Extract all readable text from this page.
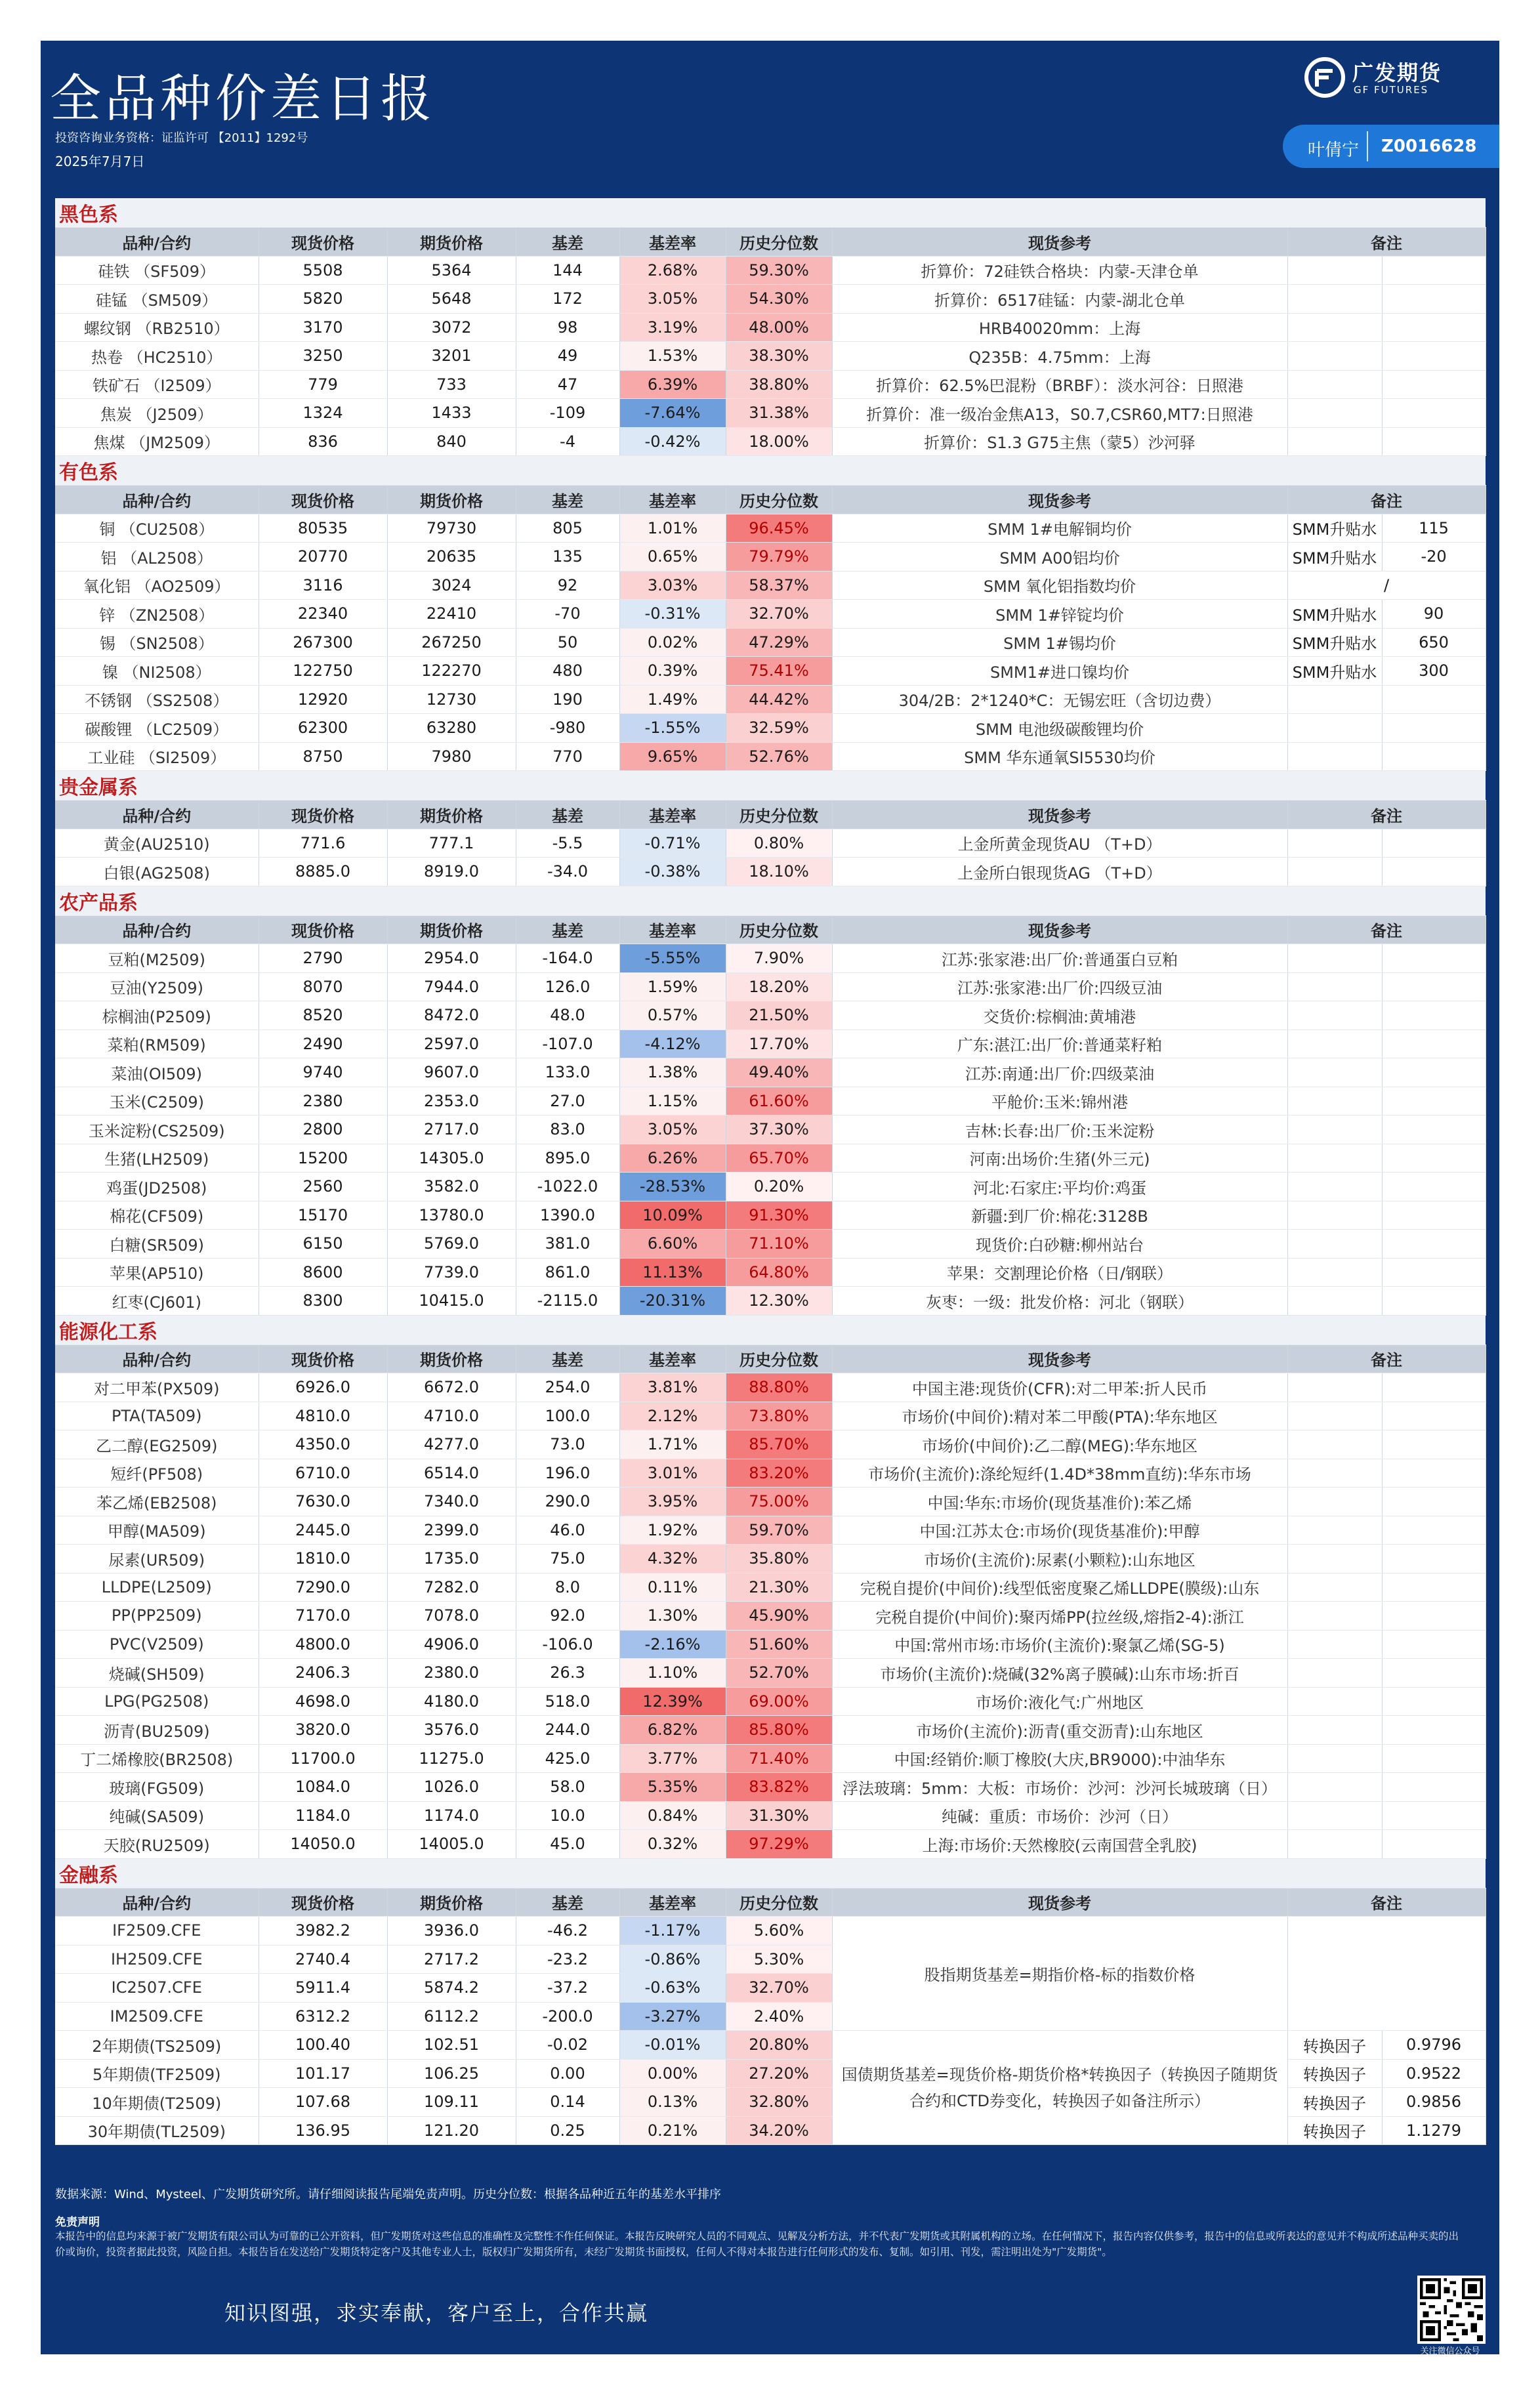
全品种价差日报
投资咨询业务资格：证监许可 【2011】1292号
2025年7月7日
广发期货
GF FUTURES
叶倩宁 Z0016628
黑色系								
品种/合约	现货价格	期货价格	基差	基差率	历史分位数	现货参考	备注	
硅铁 （SF509）	5508	5364	144	2.68%	59.30%	折算价：72硅铁合格块：内蒙-天津仓单		
硅锰 （SM509）	5820	5648	172	3.05%	54.30%	折算价：6517硅锰：内蒙-湖北仓单		
螺纹钢 （RB2510）	3170	3072	98	3.19%	48.00%	HRB40020mm：上海		
热卷 （HC2510）	3250	3201	49	1.53%	38.30%	Q235B：4.75mm：上海		
铁矿石 （I2509）	779	733	47	6.39%	38.80%	折算价：62.5%巴混粉（BRBF）：淡水河谷：日照港		
焦炭 （J2509）	1324	1433	-109	-7.64%	31.38%	折算价：准一级冶金焦A13，S0.7,CSR60,MT7:日照港		
焦煤 （JM2509）	836	840	-4	-0.42%	18.00%	折算价：S1.3 G75主焦（蒙5）沙河驿		
有色系								
品种/合约	现货价格	期货价格	基差	基差率	历史分位数	现货参考	备注	
铜 （CU2508）	80535	79730	805	1.01%	96.45%	SMM 1#电解铜均价	SMM升贴水	115
铝 （AL2508）	20770	20635	135	0.65%	79.79%	SMM A00铝均价	SMM升贴水	-20
氧化铝 （AO2509）	3116	3024	92	3.03%	58.37%	SMM 氧化铝指数均价	/	
锌 （ZN2508）	22340	22410	-70	-0.31%	32.70%	SMM 1#锌锭均价	SMM升贴水	90
锡 （SN2508）	267300	267250	50	0.02%	47.29%	SMM 1#锡均价	SMM升贴水	650
镍 （NI2508）	122750	122270	480	0.39%	75.41%	SMM1#进口镍均价	SMM升贴水	300
不锈钢 （SS2508）	12920	12730	190	1.49%	44.42%	304/2B：2*1240*C：无锡宏旺（含切边费）		
碳酸锂 （LC2509）	62300	63280	-980	-1.55%	32.59%	SMM 电池级碳酸锂均价		
工业硅 （SI2509）	8750	7980	770	9.65%	52.76%	SMM 华东通氧SI5530均价		
贵金属系								
品种/合约	现货价格	期货价格	基差	基差率	历史分位数	现货参考	备注	
黄金(AU2510)	771.6	777.1	-5.5	-0.71%	0.80%	上金所黄金现货AU （T+D）		
白银(AG2508)	8885.0	8919.0	-34.0	-0.38%	18.10%	上金所白银现货AG （T+D）		
农产品系								
品种/合约	现货价格	期货价格	基差	基差率	历史分位数	现货参考	备注	
豆粕(M2509)	2790	2954.0	-164.0	-5.55%	7.90%	江苏:张家港:出厂价:普通蛋白豆粕		
豆油(Y2509)	8070	7944.0	126.0	1.59%	18.20%	江苏:张家港:出厂价:四级豆油		
棕榈油(P2509)	8520	8472.0	48.0	0.57%	21.50%	交货价:棕榈油:黄埔港		
菜粕(RM509)	2490	2597.0	-107.0	-4.12%	17.70%	广东:湛江:出厂价:普通菜籽粕		
菜油(OI509)	9740	9607.0	133.0	1.38%	49.40%	江苏:南通:出厂价:四级菜油		
玉米(C2509)	2380	2353.0	27.0	1.15%	61.60%	平舱价:玉米:锦州港		
玉米淀粉(CS2509)	2800	2717.0	83.0	3.05%	37.30%	吉林:长春:出厂价:玉米淀粉		
生猪(LH2509)	15200	14305.0	895.0	6.26%	65.70%	河南:出场价:生猪(外三元)		
鸡蛋(JD2508)	2560	3582.0	-1022.0	-28.53%	0.20%	河北:石家庄:平均价:鸡蛋		
棉花(CF509)	15170	13780.0	1390.0	10.09%	91.30%	新疆:到厂价:棉花:3128B		
白糖(SR509)	6150	5769.0	381.0	6.60%	71.10%	现货价:白砂糖:柳州站台		
苹果(AP510)	8600	7739.0	861.0	11.13%	64.80%	苹果：交割理论价格（日/钢联）		
红枣(CJ601)	8300	10415.0	-2115.0	-20.31%	12.30%	灰枣：一级：批发价格：河北（钢联）		
能源化工系								
品种/合约	现货价格	期货价格	基差	基差率	历史分位数	现货参考	备注	
对二甲苯(PX509)	6926.0	6672.0	254.0	3.81%	88.80%	中国主港:现货价(CFR):对二甲苯:折人民币		
PTA(TA509)	4810.0	4710.0	100.0	2.12%	73.80%	市场价(中间价):精对苯二甲酸(PTA):华东地区		
乙二醇(EG2509)	4350.0	4277.0	73.0	1.71%	85.70%	市场价(中间价):乙二醇(MEG):华东地区		
短纤(PF508)	6710.0	6514.0	196.0	3.01%	83.20%	市场价(主流价):涤纶短纤(1.4D*38mm直纺):华东市场		
苯乙烯(EB2508)	7630.0	7340.0	290.0	3.95%	75.00%	中国:华东:市场价(现货基准价):苯乙烯		
甲醇(MA509)	2445.0	2399.0	46.0	1.92%	59.70%	中国:江苏太仓:市场价(现货基准价):甲醇		
尿素(UR509)	1810.0	1735.0	75.0	4.32%	35.80%	市场价(主流价):尿素(小颗粒):山东地区		
LLDPE(L2509)	7290.0	7282.0	8.0	0.11%	21.30%	完税自提价(中间价):线型低密度聚乙烯LLDPE(膜级):山东		
PP(PP2509)	7170.0	7078.0	92.0	1.30%	45.90%	完税自提价(中间价):聚丙烯PP(拉丝级,熔指2-4):浙江		
PVC(V2509)	4800.0	4906.0	-106.0	-2.16%	51.60%	中国:常州市场:市场价(主流价):聚氯乙烯(SG-5)		
烧碱(SH509)	2406.3	2380.0	26.3	1.10%	52.70%	市场价(主流价):烧碱(32%离子膜碱):山东市场:折百		
LPG(PG2508)	4698.0	4180.0	518.0	12.39%	69.00%	市场价:液化气:广州地区		
沥青(BU2509)	3820.0	3576.0	244.0	6.82%	85.80%	市场价(主流价):沥青(重交沥青):山东地区		
丁二烯橡胶(BR2508)	11700.0	11275.0	425.0	3.77%	71.40%	中国:经销价:顺丁橡胶(大庆,BR9000):中油华东		
玻璃(FG509)	1084.0	1026.0	58.0	5.35%	83.82%	浮法玻璃：5mm：大板：市场价：沙河：沙河长城玻璃（日）		
纯碱(SA509)	1184.0	1174.0	10.0	0.84%	31.30%	纯碱：重质：市场价：沙河（日）		
天胶(RU2509)	14050.0	14005.0	45.0	0.32%	97.29%	上海:市场价:天然橡胶(云南国营全乳胶)		
金融系								
品种/合约	现货价格	期货价格	基差	基差率	历史分位数	现货参考	备注	
IF2509.CFE	3982.2	3936.0	-46.2	-1.17%	5.60%	股指期货基差=期指价格-标的指数价格		
IH2509.CFE	2740.4	2717.2	-23.2	-0.86%	5.30%			
IC2507.CFE	5911.4	5874.2	-37.2	-0.63%	32.70%			
IM2509.CFE	6312.2	6112.2	-200.0	-3.27%	2.40%			
2年期债(TS2509)	100.40	102.51	-0.02	-0.01%	20.80%	国债期货基差=现货价格-期货价格*转换因子（转换因子随期货合约和CTD券变化，转换因子如备注所示）	转换因子	0.9796
5年期债(TF2509)	101.17	106.25	0.00	0.00%	27.20%		转换因子	0.9522
10年期债(T2509)	107.68	109.11	0.14	0.13%	32.80%		转换因子	0.9856
30年期债(TL2509)	136.95	121.20	0.25	0.21%	34.20%		转换因子	1.1279
数据来源：Wind、Mysteel、广发期货研究所。请仔细阅读报告尾端免责声明。历史分位数：根据各品种近五年的基差水平排序
免责声明
本报告中的信息均来源于被广发期货有限公司认为可靠的已公开资料，但广发期货对这些信息的准确性及完整性不作任何保证。本报告反映研究人员的不同观点、见解及分析方法，并不代表广发期货或其附属机构的立场。在任何情况下，报告内容仅供参考，报告中的信息或所表达的意见并不构成所述品种买卖的出价或询价，投资者据此投资，风险自担。本报告旨在发送给广发期货特定客户及其他专业人士，版权归广发期货所有，未经广发期货书面授权，任何人不得对本报告进行任何形式的发布、复制。如引用、刊发，需注明出处为"广发期货"。
知识图强，求实奉献，客户至上，合作共赢
关注微信公众号
